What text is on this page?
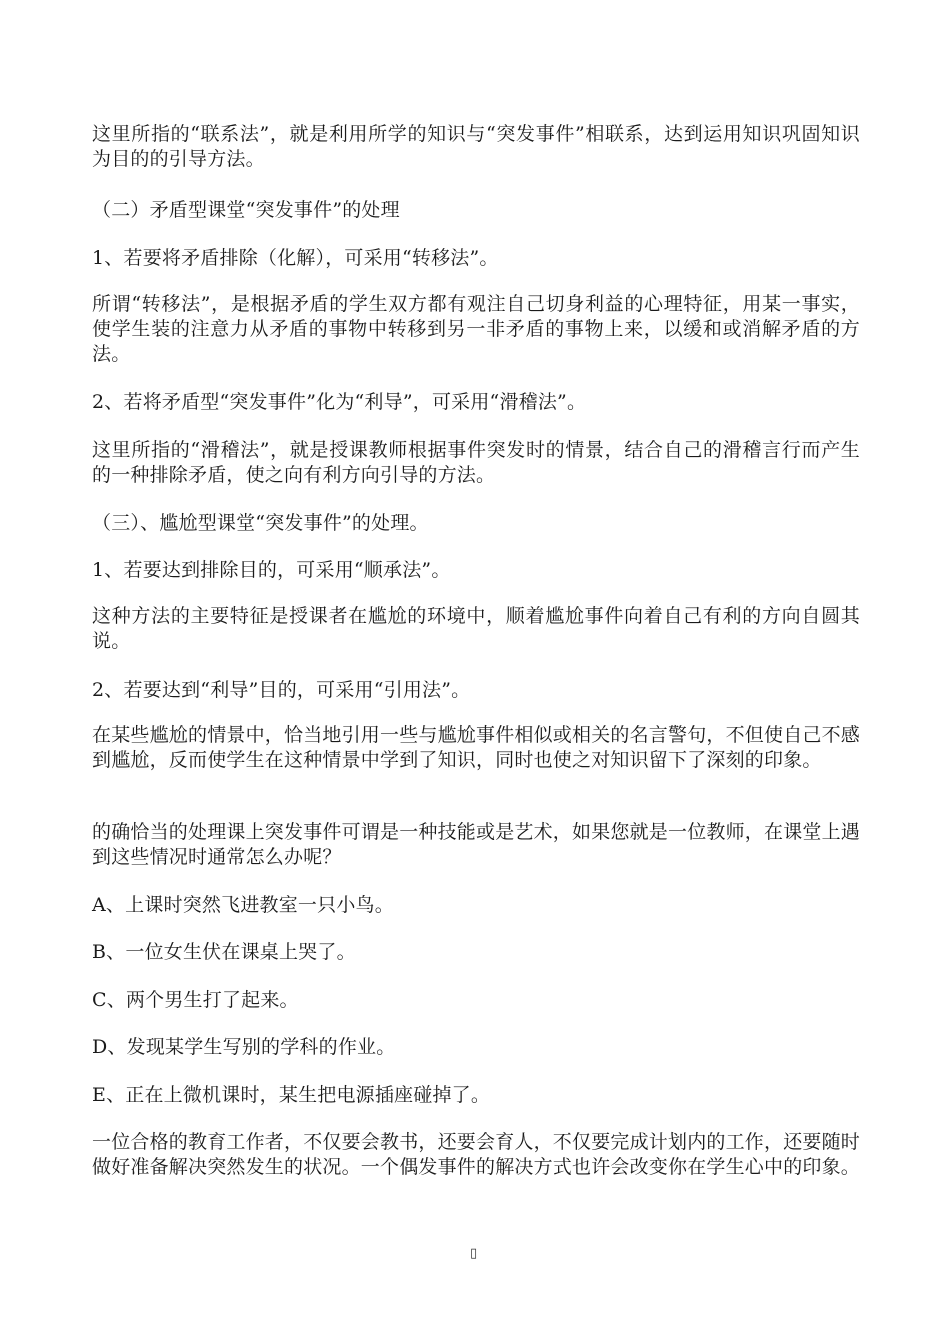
这里所指的“联系法”，就是利用所学的知识与“突发事件”相联系，达到运用知识巩固知识为目的的引导方法。

（二）矛盾型课堂“突发事件”的处理

1、若要将矛盾排除（化解），可采用“转移法”。

所谓“转移法”，是根据矛盾的学生双方都有观注自己切身利益的心理特征，用某一事实，使学生装的注意力从矛盾的事物中转移到另一非矛盾的事物上来，以缓和或消解矛盾的方法。

2、若将矛盾型“突发事件”化为“利导”，可采用“滑稽法”。

这里所指的“滑稽法”，就是授课教师根据事件突发时的情景，结合自己的滑稽言行而产生的一种排除矛盾，使之向有利方向引导的方法。

（三）、尴尬型课堂“突发事件”的处理。

1、若要达到排除目的，可采用“顺承法”。

这种方法的主要特征是授课者在尴尬的环境中，顺着尴尬事件向着自己有利的方向自圆其说。

2、若要达到“利导”目的，可采用“引用法”。

在某些尴尬的情景中，恰当地引用一些与尴尬事件相似或相关的名言警句，不但使自己不感到尴尬，反而使学生在这种情景中学到了知识，同时也使之对知识留下了深刻的印象。

的确恰当的处理课上突发事件可谓是一种技能或是艺术，如果您就是一位教师，在课堂上遇到这些情况时通常怎么办呢？

A、上课时突然飞进教室一只小鸟。

B、一位女生伏在课桌上哭了。

C、两个男生打了起来。

D、发现某学生写别的学科的作业。

E、正在上微机课时，某生把电源插座碰掉了。

一位合格的教育工作者，不仅要会教书，还要会育人，不仅要完成计划内的工作，还要随时做好准备解决突然发生的状况。一个偶发事件的解决方式也许会改变你在学生心中的印象。

▯
